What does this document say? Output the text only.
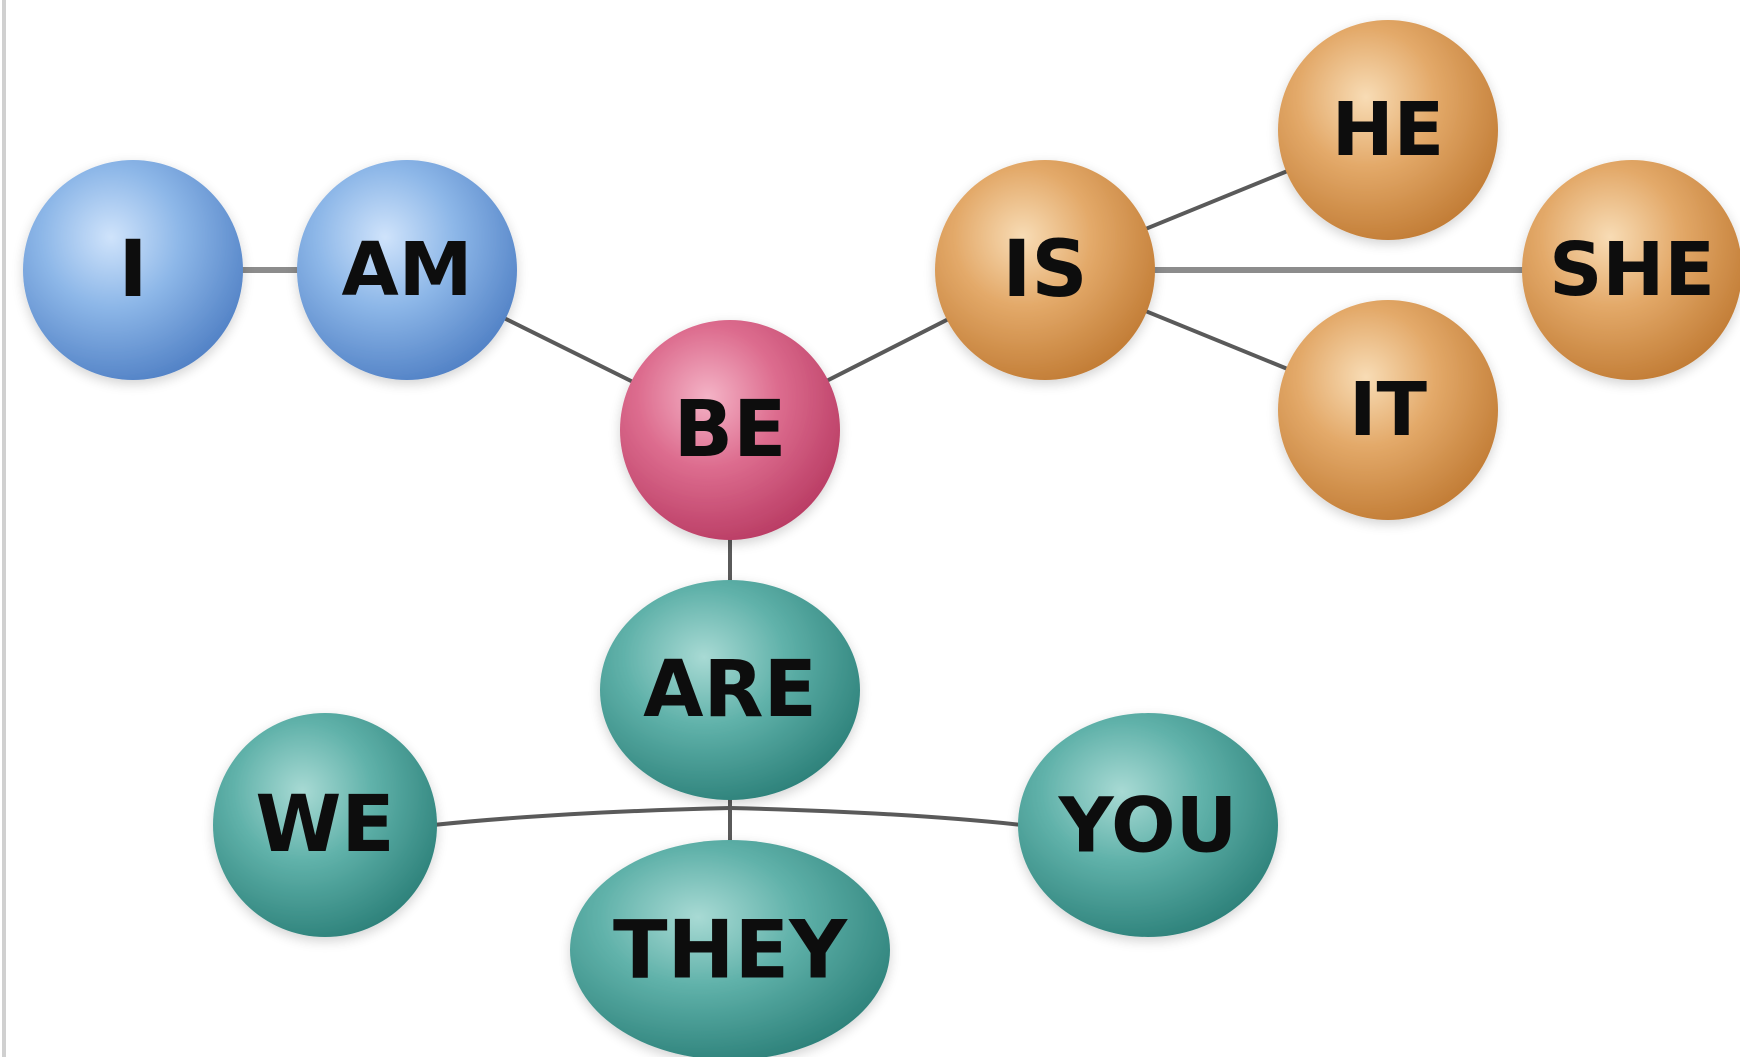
I	AM
BE
IS
HE
SHE
IT
ARE
WE	YOU
THEY
